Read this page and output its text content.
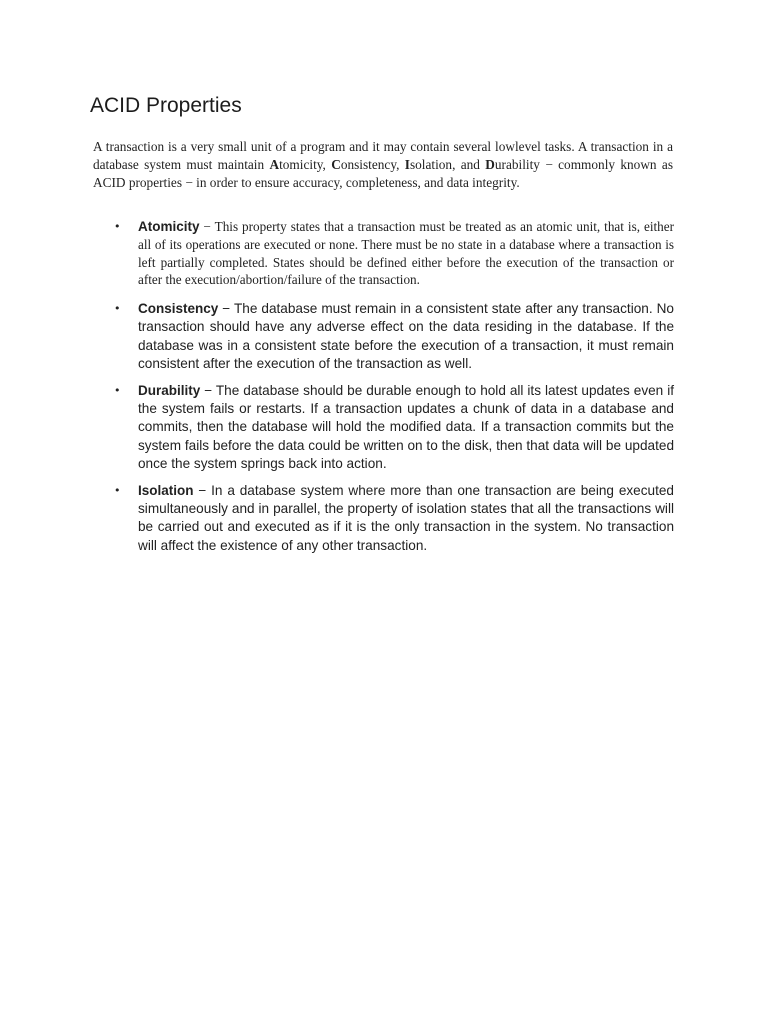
ACID Properties

A transaction is a very small unit of a program and it may contain several lowlevel tasks. A transaction in a database system must maintain Atomicity, Consistency, Isolation, and Durability − commonly known as ACID properties − in order to ensure accuracy, completeness, and data integrity.

• Atomicity − This property states that a transaction must be treated as an atomic unit, that is, either all of its operations are executed or none. There must be no state in a database where a transaction is left partially completed. States should be defined either before the execution of the transaction or after the execution/abortion/failure of the transaction.
• Consistency − The database must remain in a consistent state after any transaction. No transaction should have any adverse effect on the data residing in the database. If the database was in a consistent state before the execution of a transaction, it must remain consistent after the execution of the transaction as well.
• Durability − The database should be durable enough to hold all its latest updates even if the system fails or restarts. If a transaction updates a chunk of data in a database and commits, then the database will hold the modified data. If a transaction commits but the system fails before the data could be written on to the disk, then that data will be updated once the system springs back into action.
• Isolation − In a database system where more than one transaction are being executed simultaneously and in parallel, the property of isolation states that all the transactions will be carried out and executed as if it is the only transaction in the system. No transaction will affect the existence of any other transaction.
